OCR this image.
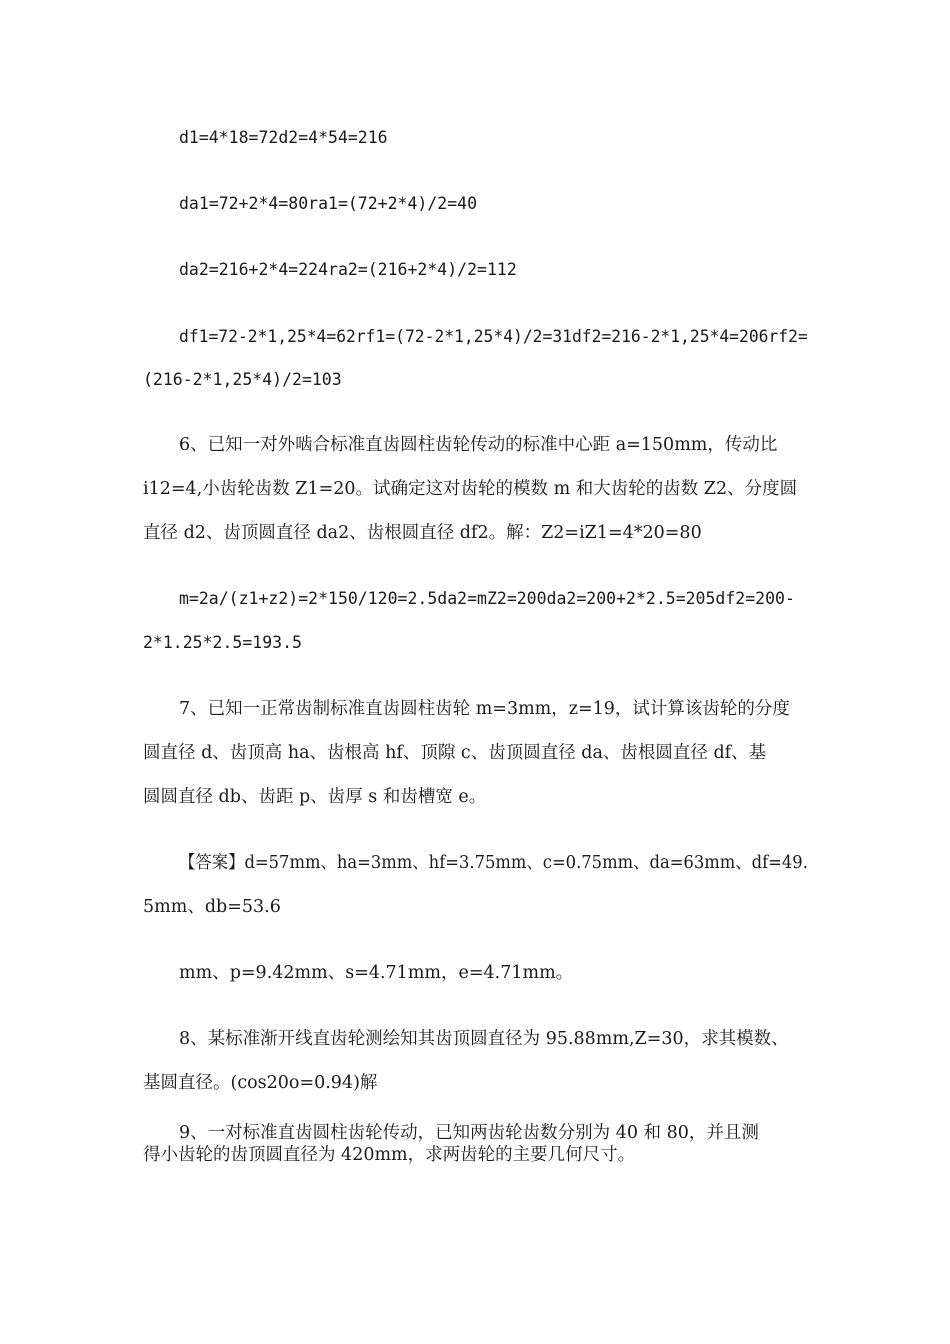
d1=4*18=72d2=4*54=216
da1=72+2*4=80ra1=(72+2*4)/2=40
da2=216+2*4=224ra2=(216+2*4)/2=112
df1=72-2*1,25*4=62rf1=(72-2*1,25*4)/2=31df2=216-2*1,25*4=206rf2=
(216-2*1,25*4)/2=103
6、已知一对外啮合标准直齿圆柱齿轮传动的标准中心距 a=150mm，传动比
i12=4,小齿轮齿数 Z1=20。试确定这对齿轮的模数 m 和大齿轮的齿数 Z2、分度圆
直径 d2、齿顶圆直径 da2、齿根圆直径 df2。解：Z2=iZ1=4*20=80
m=2a/(z1+z2)=2*150/120=2.5da2=mZ2=200da2=200+2*2.5=205df2=200-
2*1.25*2.5=193.5
7、已知一正常齿制标准直齿圆柱齿轮 m=3mm，z=19，试计算该齿轮的分度
圆直径 d、齿顶高 ha、齿根高 hf、顶隙 c、齿顶圆直径 da、齿根圆直径 df、基
圆圆直径 db、齿距 p、齿厚 s 和齿槽宽 e。
【答案】d=57mm、ha=3mm、hf=3.75mm、c=0.75mm、da=63mm、df=49.
5mm、db=53.6
mm、p=9.42mm、s=4.71mm，e=4.71mm。
8、某标准渐开线直齿轮测绘知其齿顶圆直径为 95.88mm,Z=30，求其模数、
基圆直径。(cos20o=0.94)解
9、一对标准直齿圆柱齿轮传动，已知两齿轮齿数分别为 40 和 80，并且测
得小齿轮的齿顶圆直径为 420mm，求两齿轮的主要几何尺寸。
